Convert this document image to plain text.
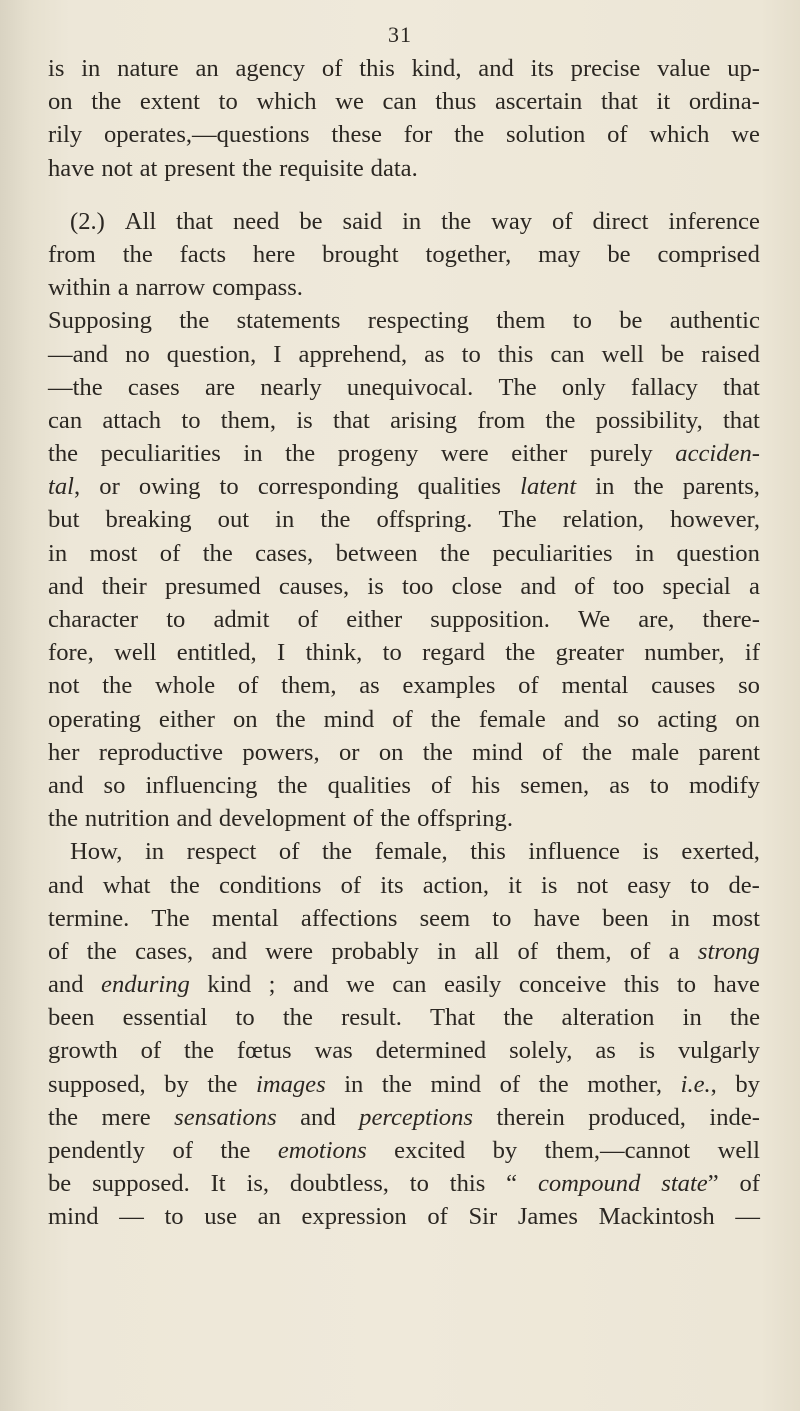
31
is in nature an agency of this kind, and its precise value up-
on the extent to which we can thus ascertain that it ordina-
rily operates,—questions these for the solution of which we
have not at present the requisite data.
(2.) All that need be said in the way of direct inference
from the facts here brought together, may be comprised
within a narrow compass.
Supposing the statements respecting them to be authentic
—and no question, I apprehend, as to this can well be raised
—the cases are nearly unequivocal. The only fallacy that
can attach to them, is that arising from the possibility, that
the peculiarities in the progeny were either purely acciden-
tal, or owing to corresponding qualities latent in the parents,
but breaking out in the offspring. The relation, however,
in most of the cases, between the peculiarities in question
and their presumed causes, is too close and of too special a
character to admit of either supposition. We are, there-
fore, well entitled, I think, to regard the greater number, if
not the whole of them, as examples of mental causes so
operating either on the mind of the female and so acting on
her reproductive powers, or on the mind of the male parent
and so influencing the qualities of his semen, as to modify
the nutrition and development of the offspring.
How, in respect of the female, this influence is exerted,
and what the conditions of its action, it is not easy to de-
termine. The mental affections seem to have been in most
of the cases, and were probably in all of them, of a strong
and enduring kind ; and we can easily conceive this to have
been essential to the result. That the alteration in the
growth of the fœtus was determined solely, as is vulgarly
supposed, by the images in the mind of the mother, i.e., by
the mere sensations and perceptions therein produced, inde-
pendently of the emotions excited by them,—cannot well
be supposed. It is, doubtless, to this “ compound state” of
mind — to use an expression of Sir James Mackintosh —
